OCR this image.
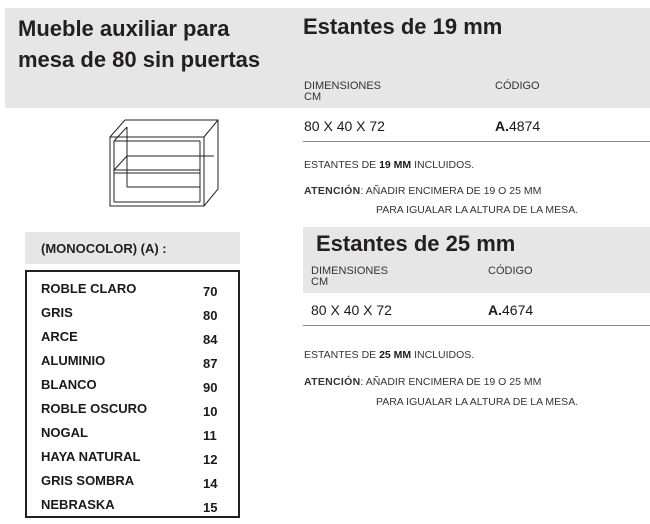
Mueble auxiliar para
mesa de 80 sin puertas
Estantes de 19 mm
DIMENSIONES
CM
CÓDIGO
80 X 40 X 72	A.4874
ESTANTES DE 19 MM INCLUIDOS.
ATENCIÓN: AÑADIR ENCIMERA DE 19 O 25 MM
PARA IGUALAR LA ALTURA DE LA MESA.
(MONOCOLOR) (A) :	Estantes de 25 mm
DIMENSIONES
CM
CÓDIGO
80 X 40 X 72	A.4674
ESTANTES DE 25 MM INCLUIDOS.
ATENCIÓN: AÑADIR ENCIMERA DE 19 O 25 MM
PARA IGUALAR LA ALTURA DE LA MESA.
ROBLE CLARO	70
GRIS	80
ARCE	84
ALUMINIO	87
BLANCO	90
ROBLE OSCURO	10
NOGAL	11
HAYA NATURAL	12
GRIS SOMBRA	14
NEBRASKA	15
